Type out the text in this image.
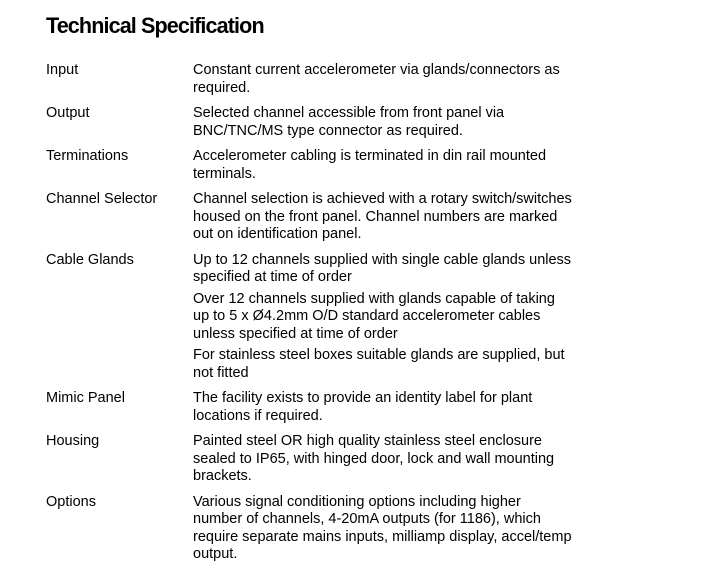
Technical Specification
Input	Constant current accelerometer via glands/connectors as
required.
Output	Selected channel accessible from front panel via
BNC/TNC/MS type connector as required.
Terminations	Accelerometer cabling is terminated in din rail mounted
terminals.
Channel Selector	Channel selection is achieved with a rotary switch/switches
housed on the front panel. Channel numbers are marked
out on identification panel.
Cable Glands	Up to 12 channels supplied with single cable glands unless
specified at time of order
Over 12 channels supplied with glands capable of taking
up to 5 x Ø4.2mm O/D standard accelerometer cables
unless specified at time of order
For stainless steel boxes suitable glands are supplied, but
not fitted
Mimic Panel	The facility exists to provide an identity label for plant
locations if required.
Housing	Painted steel OR high quality stainless steel enclosure
sealed to IP65, with hinged door, lock and wall mounting
brackets.
Options	Various signal conditioning options including higher
number of channels, 4-20mA outputs (for 1186), which
require separate mains inputs, milliamp display, accel/temp
output.
